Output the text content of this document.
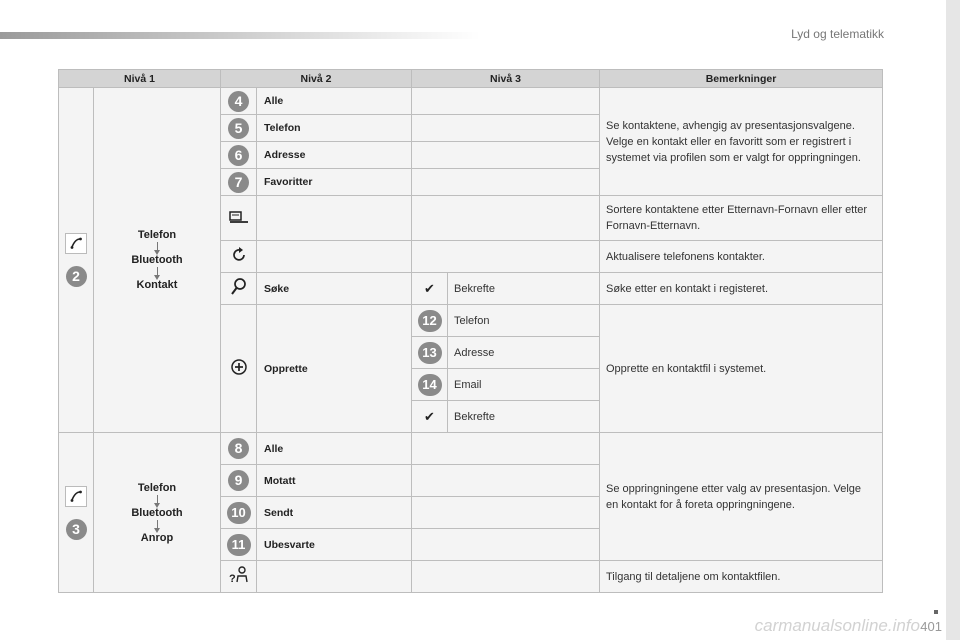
Lyd og telematikk
carmanualsonline.info 401
Nivå 1		Nivå 2		Nivå 3		Bemerkninger

2	Telefon
Bluetooth
Kontakt	4	Alle			Se kontaktene, avhengig av presentasjonsvalgene. Velge en kontakt eller en favoritt som er registrert i systemet via profilen som er valgt for oppringningen.
		5	Telefon			
		6	Adresse			
		7	Favoritter			
			Sortere kontaktene etter Etternavn-Fornavn eller etter Fornavn-Etternavn.
			Aktualisere telefonens kontakter.
	Søke	✔	Bekrefte	Søke etter en kontakt i registeret.
	Opprette	12	Telefon	Opprette en kontaktfil i systemet.
				13	Adresse	
				14	Email	
				✔	Bekrefte	

3	Telefon
Bluetooth
Anrop	8	Alle			Se oppringningene etter valg av presentasjon. Velge en kontakt for å foreta oppringningene.
		9	Motatt			
		10	Sendt			
		11	Ubesvarte			

?				Tilgang til detaljene om kontaktfilen.
